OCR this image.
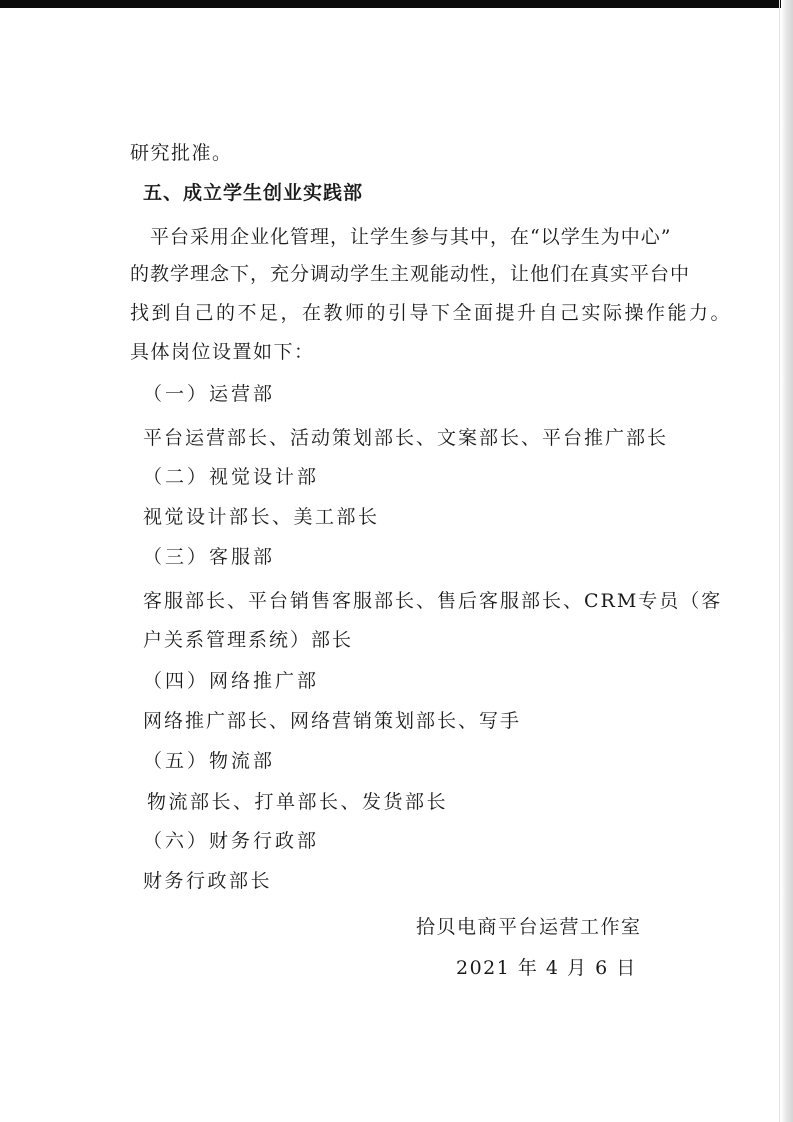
研究批准。
五、成立学生创业实践部
平台采用企业化管理，让学生参与其中，在“以学生为中心”
的教学理念下，充分调动学生主观能动性，让他们在真实平台中
找到自己的不足，在教师的引导下全面提升自己实际操作能力。
具体岗位设置如下：
（一）运营部
平台运营部长、活动策划部长、文案部长、平台推广部长
（二）视觉设计部
视觉设计部长、美工部长
（三）客服部
客服部长、平台销售客服部长、售后客服部长、CRM专员（客
户关系管理系统）部长
（四）网络推广部
网络推广部长、网络营销策划部长、写手
（五）物流部
物流部长、打单部长、发货部长
（六）财务行政部
财务行政部长
拾贝电商平台运营工作室
2021 年 4 月 6 日
